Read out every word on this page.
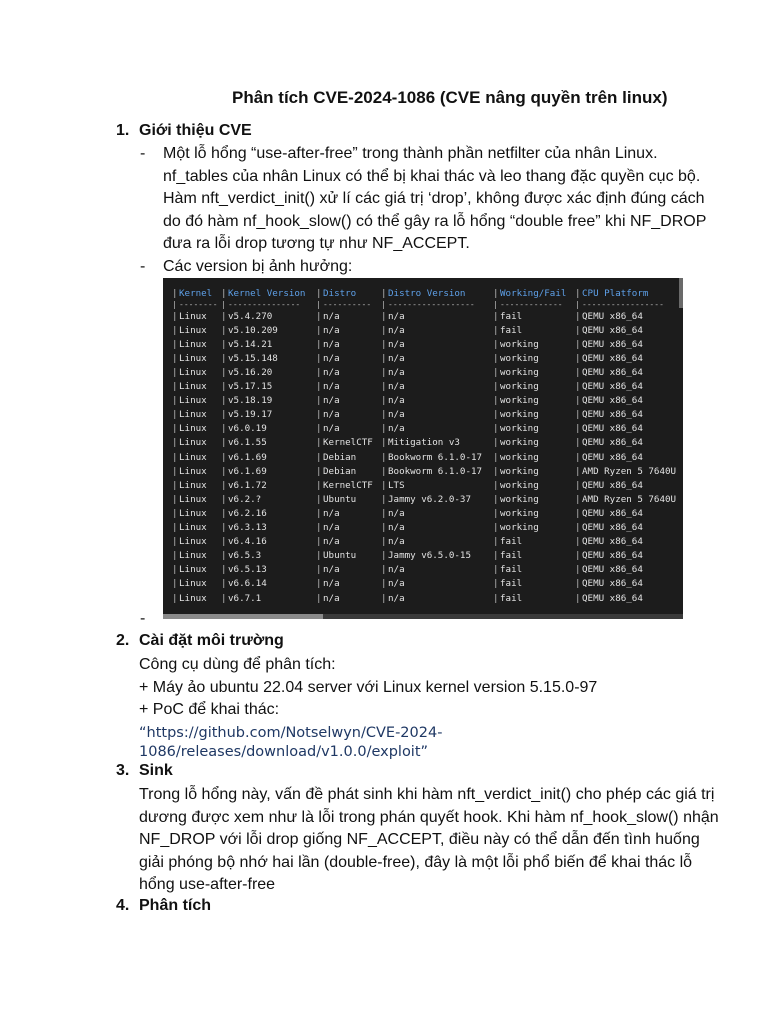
Phân tích CVE-2024-1086 (CVE nâng quyền trên linux)
1. Giới thiệu CVE
- Một lỗ hổng “use-after-free” trong thành phần netfilter của nhân Linux. nf_tables của nhân Linux có thể bị khai thác và leo thang đặc quyền cục bộ. Hàm nft_verdict_init() xử lí các giá trị ‘drop’, không được xác định đúng cách do đó hàm nf_hook_slow() có thể gây ra lỗ hổng “double free” khi NF_DROP đưa ra lỗi drop tương tự như NF_ACCEPT.
- Các version bị ảnh hưởng:
|	Kernel	|	Kernel Version	|	Distro	|	Distro Version	|	Working/Fail	|	CPU Platform
|	--------	|	---------------	|	----------	|	------------------	|	-------------	|	-----------------
|	Linux	|	v5.4.270	|	n/a	|	n/a	|	fail	|	QEMU x86_64
|	Linux	|	v5.10.209	|	n/a	|	n/a	|	fail	|	QEMU x86_64
|	Linux	|	v5.14.21	|	n/a	|	n/a	|	working	|	QEMU x86_64
|	Linux	|	v5.15.148	|	n/a	|	n/a	|	working	|	QEMU x86_64
|	Linux	|	v5.16.20	|	n/a	|	n/a	|	working	|	QEMU x86_64
|	Linux	|	v5.17.15	|	n/a	|	n/a	|	working	|	QEMU x86_64
|	Linux	|	v5.18.19	|	n/a	|	n/a	|	working	|	QEMU x86_64
|	Linux	|	v5.19.17	|	n/a	|	n/a	|	working	|	QEMU x86_64
|	Linux	|	v6.0.19	|	n/a	|	n/a	|	working	|	QEMU x86_64
|	Linux	|	v6.1.55	|	KernelCTF	|	Mitigation v3	|	working	|	QEMU x86_64
|	Linux	|	v6.1.69	|	Debian	|	Bookworm 6.1.0-17	|	working	|	QEMU x86_64
|	Linux	|	v6.1.69	|	Debian	|	Bookworm 6.1.0-17	|	working	|	AMD Ryzen 5 7640U
|	Linux	|	v6.1.72	|	KernelCTF	|	LTS	|	working	|	QEMU x86_64
|	Linux	|	v6.2.?	|	Ubuntu	|	Jammy v6.2.0-37	|	working	|	AMD Ryzen 5 7640U
|	Linux	|	v6.2.16	|	n/a	|	n/a	|	working	|	QEMU x86_64
|	Linux	|	v6.3.13	|	n/a	|	n/a	|	working	|	QEMU x86_64
|	Linux	|	v6.4.16	|	n/a	|	n/a	|	fail	|	QEMU x86_64
|	Linux	|	v6.5.3	|	Ubuntu	|	Jammy v6.5.0-15	|	fail	|	QEMU x86_64
|	Linux	|	v6.5.13	|	n/a	|	n/a	|	fail	|	QEMU x86_64
|	Linux	|	v6.6.14	|	n/a	|	n/a	|	fail	|	QEMU x86_64
|	Linux	|	v6.7.1	|	n/a	|	n/a	|	fail	|	QEMU x86_64
-
2. Cài đặt môi trường
Công cụ dùng để phân tích:
+ Máy ảo ubuntu 22.04 server với Linux kernel version 5.15.0-97
+ PoC để khai thác:
“https://github.com/Notselwyn/CVE-2024-1086/releases/download/v1.0.0/exploit”
3. Sink
Trong lỗ hổng này, vấn đề phát sinh khi hàm nft_verdict_init() cho phép các giá trị dương được xem như là lỗi trong phán quyết hook. Khi hàm nf_hook_slow() nhận NF_DROP với lỗi drop giống NF_ACCEPT, điều này có thể dẫn đến tình huống giải phóng bộ nhớ hai lần (double-free), đây là một lỗi phổ biến để khai thác lỗ hổng use-after-free
4. Phân tích
